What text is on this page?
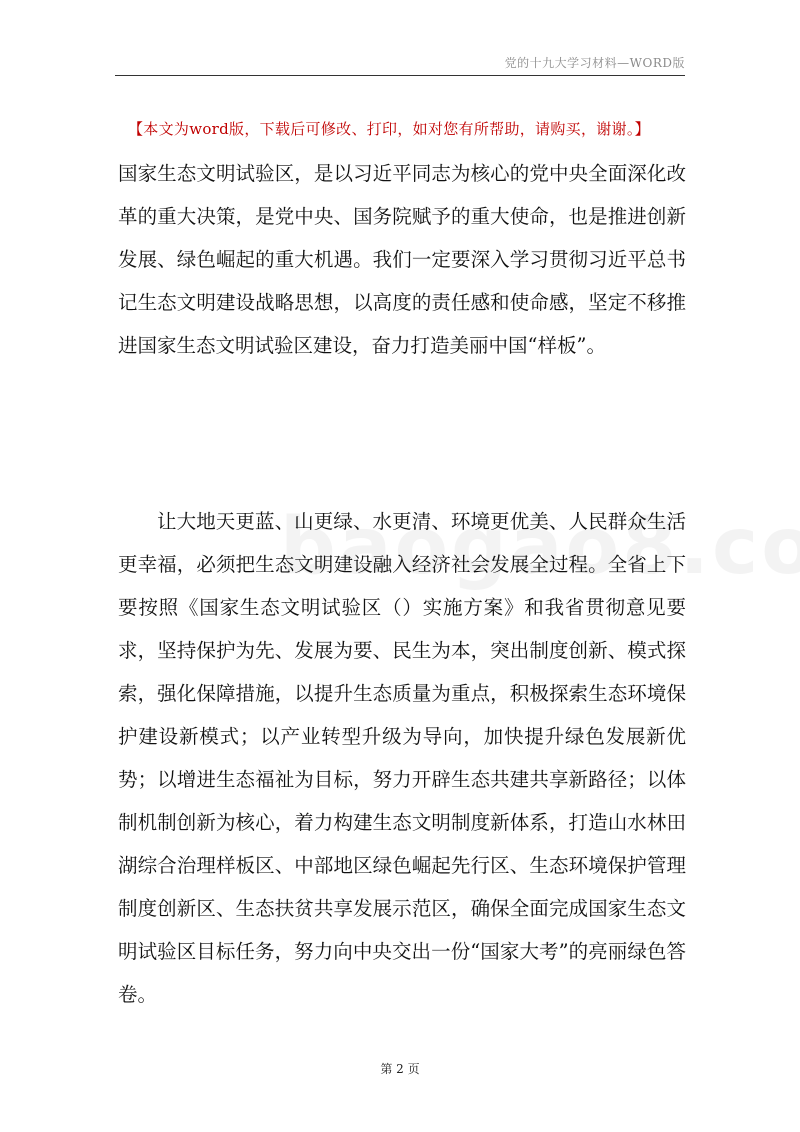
党的十九大学习材料—WORD版
【本文为word版，下载后可修改、打印，如对您有所帮助，请购买，谢谢。】

国家生态文明试验区，是以习近平同志为核心的党中央全面深化改革的重大决策，是党中央、国务院赋予的重大使命，也是推进创新发展、绿色崛起的重大机遇。我们一定要深入学习贯彻习近平总书记生态文明建设战略思想，以高度的责任感和使命感，坚定不移推进国家生态文明试验区建设，奋力打造美丽中国“样板”。

让大地天更蓝、山更绿、水更清、环境更优美、人民群众生活更幸福，必须把生态文明建设融入经济社会发展全过程。全省上下要按照《国家生态文明试验区（）实施方案》和我省贯彻意见要求，坚持保护为先、发展为要、民生为本，突出制度创新、模式探索，强化保障措施，以提升生态质量为重点，积极探索生态环境保护建设新模式；以产业转型升级为导向，加快提升绿色发展新优势；以增进生态福祉为目标，努力开辟生态共建共享新路径；以体制机制创新为核心，着力构建生态文明制度新体系，打造山水林田湖综合治理样板区、中部地区绿色崛起先行区、生态环境保护管理制度创新区、生态扶贫共享发展示范区，确保全面完成国家生态文明试验区目标任务，努力向中央交出一份“国家大考”的亮丽绿色答卷。

第 2 页
